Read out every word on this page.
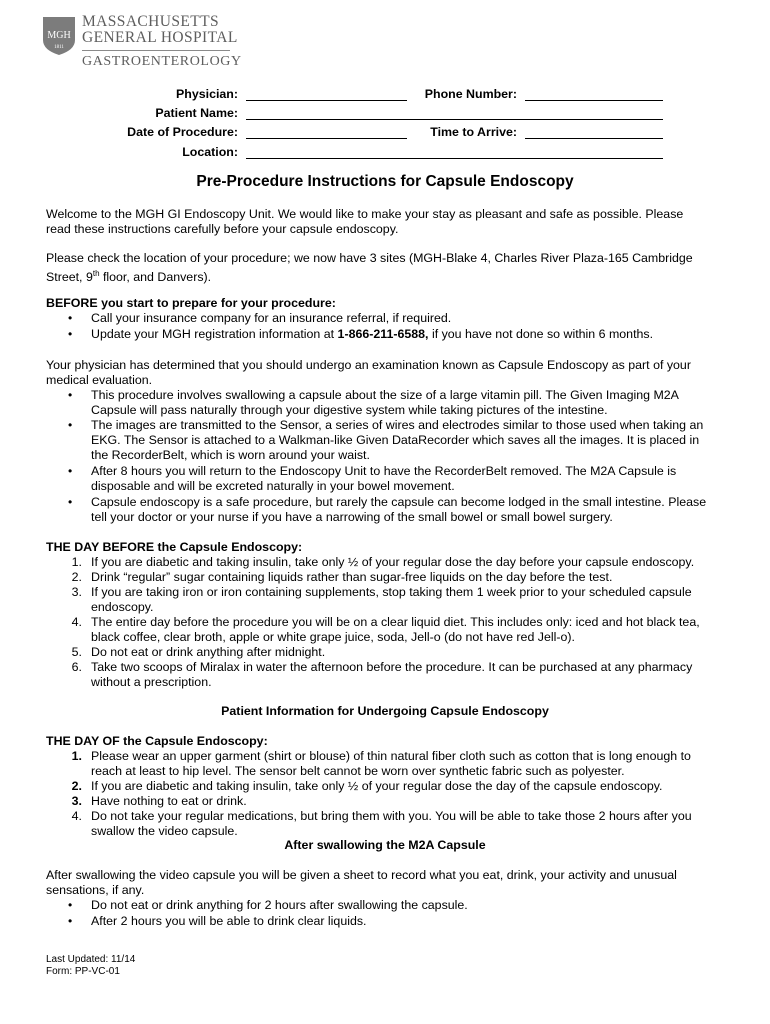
MGH
1811
MASSACHUSETTS
GENERAL HOSPITAL
GASTROENTEROLOGY
Physician:	Phone Number:
Patient Name:
Date of Procedure:	Time to Arrive:
Location:
Pre-Procedure Instructions for Capsule Endoscopy
Welcome to the MGH GI Endoscopy Unit. We would like to make your stay as pleasant and safe as possible. Please
read these instructions carefully before your capsule endoscopy.
Please check the location of your procedure; we now have 3 sites (MGH-Blake 4, Charles River Plaza-165 Cambridge
Street, 9th floor, and Danvers).
BEFORE you start to prepare for your procedure:
• Call your insurance company for an insurance referral, if required.
• Update your MGH registration information at 1-866-211-6588, if you have not done so within 6 months.
Your physician has determined that you should undergo an examination known as Capsule Endoscopy as part of your
medical evaluation.
• This procedure involves swallowing a capsule about the size of a large vitamin pill. The Given Imaging M2A
Capsule will pass naturally through your digestive system while taking pictures of the intestine.
• The images are transmitted to the Sensor, a series of wires and electrodes similar to those used when taking an
EKG. The Sensor is attached to a Walkman-like Given DataRecorder which saves all the images. It is placed in
the RecorderBelt, which is worn around your waist.
• After 8 hours you will return to the Endoscopy Unit to have the RecorderBelt removed. The M2A Capsule is
disposable and will be excreted naturally in your bowel movement.
• Capsule endoscopy is a safe procedure, but rarely the capsule can become lodged in the small intestine. Please
tell your doctor or your nurse if you have a narrowing of the small bowel or small bowel surgery.
THE DAY BEFORE the Capsule Endoscopy:
1. If you are diabetic and taking insulin, take only ½ of your regular dose the day before your capsule endoscopy.
2. Drink “regular” sugar containing liquids rather than sugar-free liquids on the day before the test.
3. If you are taking iron or iron containing supplements, stop taking them 1 week prior to your scheduled capsule
endoscopy.
4. The entire day before the procedure you will be on a clear liquid diet. This includes only: iced and hot black tea,
black coffee, clear broth, apple or white grape juice, soda, Jell-o (do not have red Jell-o).
5. Do not eat or drink anything after midnight.
6. Take two scoops of Miralax in water the afternoon before the procedure. It can be purchased at any pharmacy
without a prescription.
Patient Information for Undergoing Capsule Endoscopy
THE DAY OF the Capsule Endoscopy:
1. Please wear an upper garment (shirt or blouse) of thin natural fiber cloth such as cotton that is long enough to
reach at least to hip level. The sensor belt cannot be worn over synthetic fabric such as polyester.
2. If you are diabetic and taking insulin, take only ½ of your regular dose the day of the capsule endoscopy.
3. Have nothing to eat or drink.
4. Do not take your regular medications, but bring them with you. You will be able to take those 2 hours after you
swallow the video capsule.
After swallowing the M2A Capsule
After swallowing the video capsule you will be given a sheet to record what you eat, drink, your activity and unusual
sensations, if any.
• Do not eat or drink anything for 2 hours after swallowing the capsule.
• After 2 hours you will be able to drink clear liquids.
Last Updated: 11/14
Form: PP-VC-01
